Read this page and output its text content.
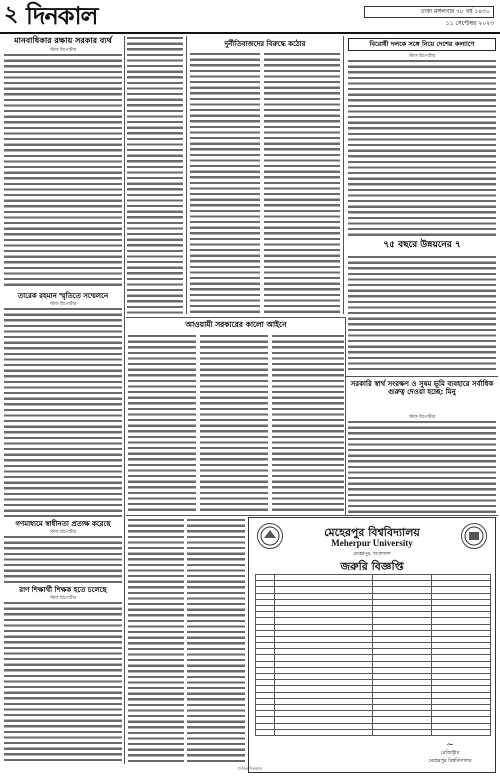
২ দিনকাল	ঢাকা মঙ্গলবার ৭৮ বর্ষ ১৪৩০
১১ সেপ্টেম্বর ২০২৩
মানবাধিকার রক্ষায় সরকার ব্যর্থ
স্টাফ রিপোর্টার
তারেক রহমান স্মৃতিতে সম্মেলনে
স্টাফ রিপোর্টার
গণমাধ্যমে স্বাধীনতা প্রত্যক্ষ করেছে
স্টাফ রিপোর্টার
রাণ শিক্ষার্থী শিক্ষক হতে চলেছে
স্টাফ রিপোর্টার
দুর্নীতিবাজদের বিরুদ্ধে কঠোর	বিরোধী দলকে সঙ্গে নিয়ে দেশের কল্যাণে
স্টাফ রিপোর্টার
৭৫ বছরে উন্নয়নের ৭
আওয়ামী সরকারের কালো আইনে
সরকারি স্বার্থ সংরক্ষণ ও সুষম ভূমি ব্যবহারে সর্বাধিক গুরুত্ব দেওয়া হচ্ছে: মিনু
স্টাফ রিপোর্টার
মেহেরপুর বিশ্ববিদ্যালয়
Meherpur University
মেহেরপুর, বাংলাদেশ
জরুরি বিজ্ঞপ্তি

~
রেজিস্ট্রার
মেহেরপুর বিশ্ববিদ্যালয়
দৈনিক দিনকাল
